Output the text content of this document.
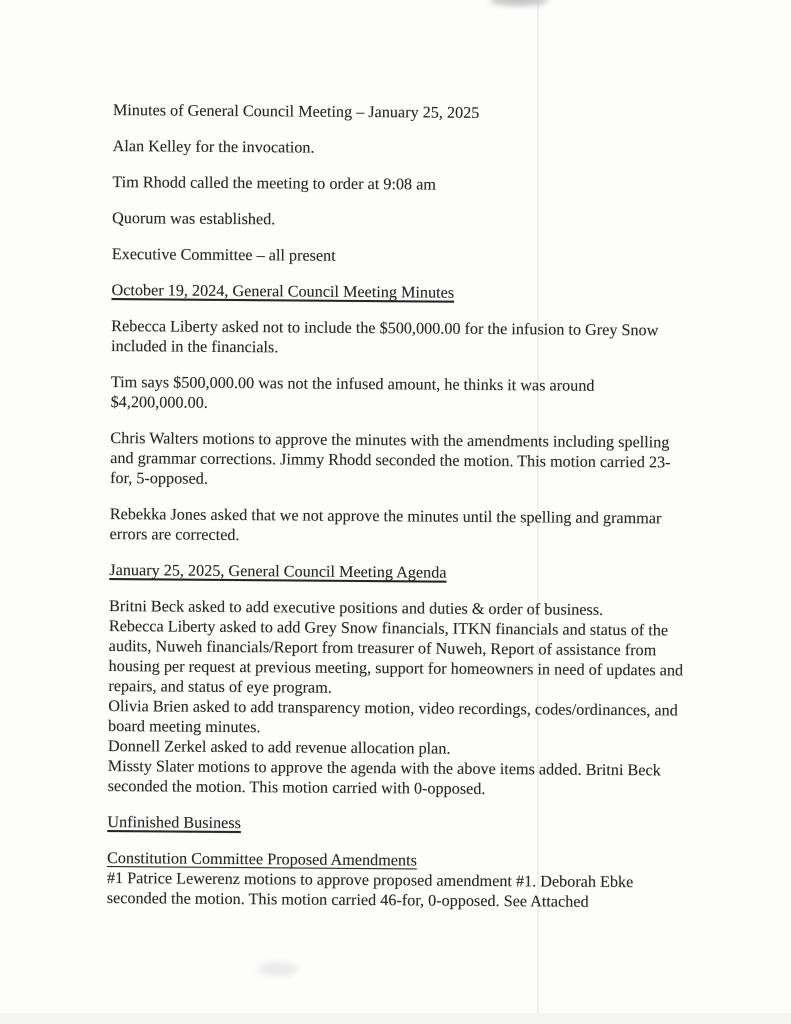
Minutes of General Council Meeting – January 25, 2025

Alan Kelley for the invocation.

Tim Rhodd called the meeting to order at 9:08 am

Quorum was established.

Executive Committee – all present

October 19, 2024, General Council Meeting Minutes

Rebecca Liberty asked not to include the $500,000.00 for the infusion to Grey Snow
included in the financials.

Tim says $500,000.00 was not the infused amount, he thinks it was around
$4,200,000.00.

Chris Walters motions to approve the minutes with the amendments including spelling
and grammar corrections. Jimmy Rhodd seconded the motion. This motion carried 23-
for, 5-opposed.

Rebekka Jones asked that we not approve the minutes until the spelling and grammar
errors are corrected.

January 25, 2025, General Council Meeting Agenda

Britni Beck asked to add executive positions and duties & order of business.

Rebecca Liberty asked to add Grey Snow financials, ITKN financials and status of the
audits, Nuweh financials/Report from treasurer of Nuweh, Report of assistance from
housing per request at previous meeting, support for homeowners in need of updates and
repairs, and status of eye program.

Olivia Brien asked to add transparency motion, video recordings, codes/ordinances, and
board meeting minutes.

Donnell Zerkel asked to add revenue allocation plan.

Missty Slater motions to approve the agenda with the above items added. Britni Beck
seconded the motion. This motion carried with 0-opposed.

Unfinished Business

Constitution Committee Proposed Amendments

#1 Patrice Lewerenz motions to approve proposed amendment #1. Deborah Ebke
seconded the motion. This motion carried 46-for, 0-opposed. See Attached
